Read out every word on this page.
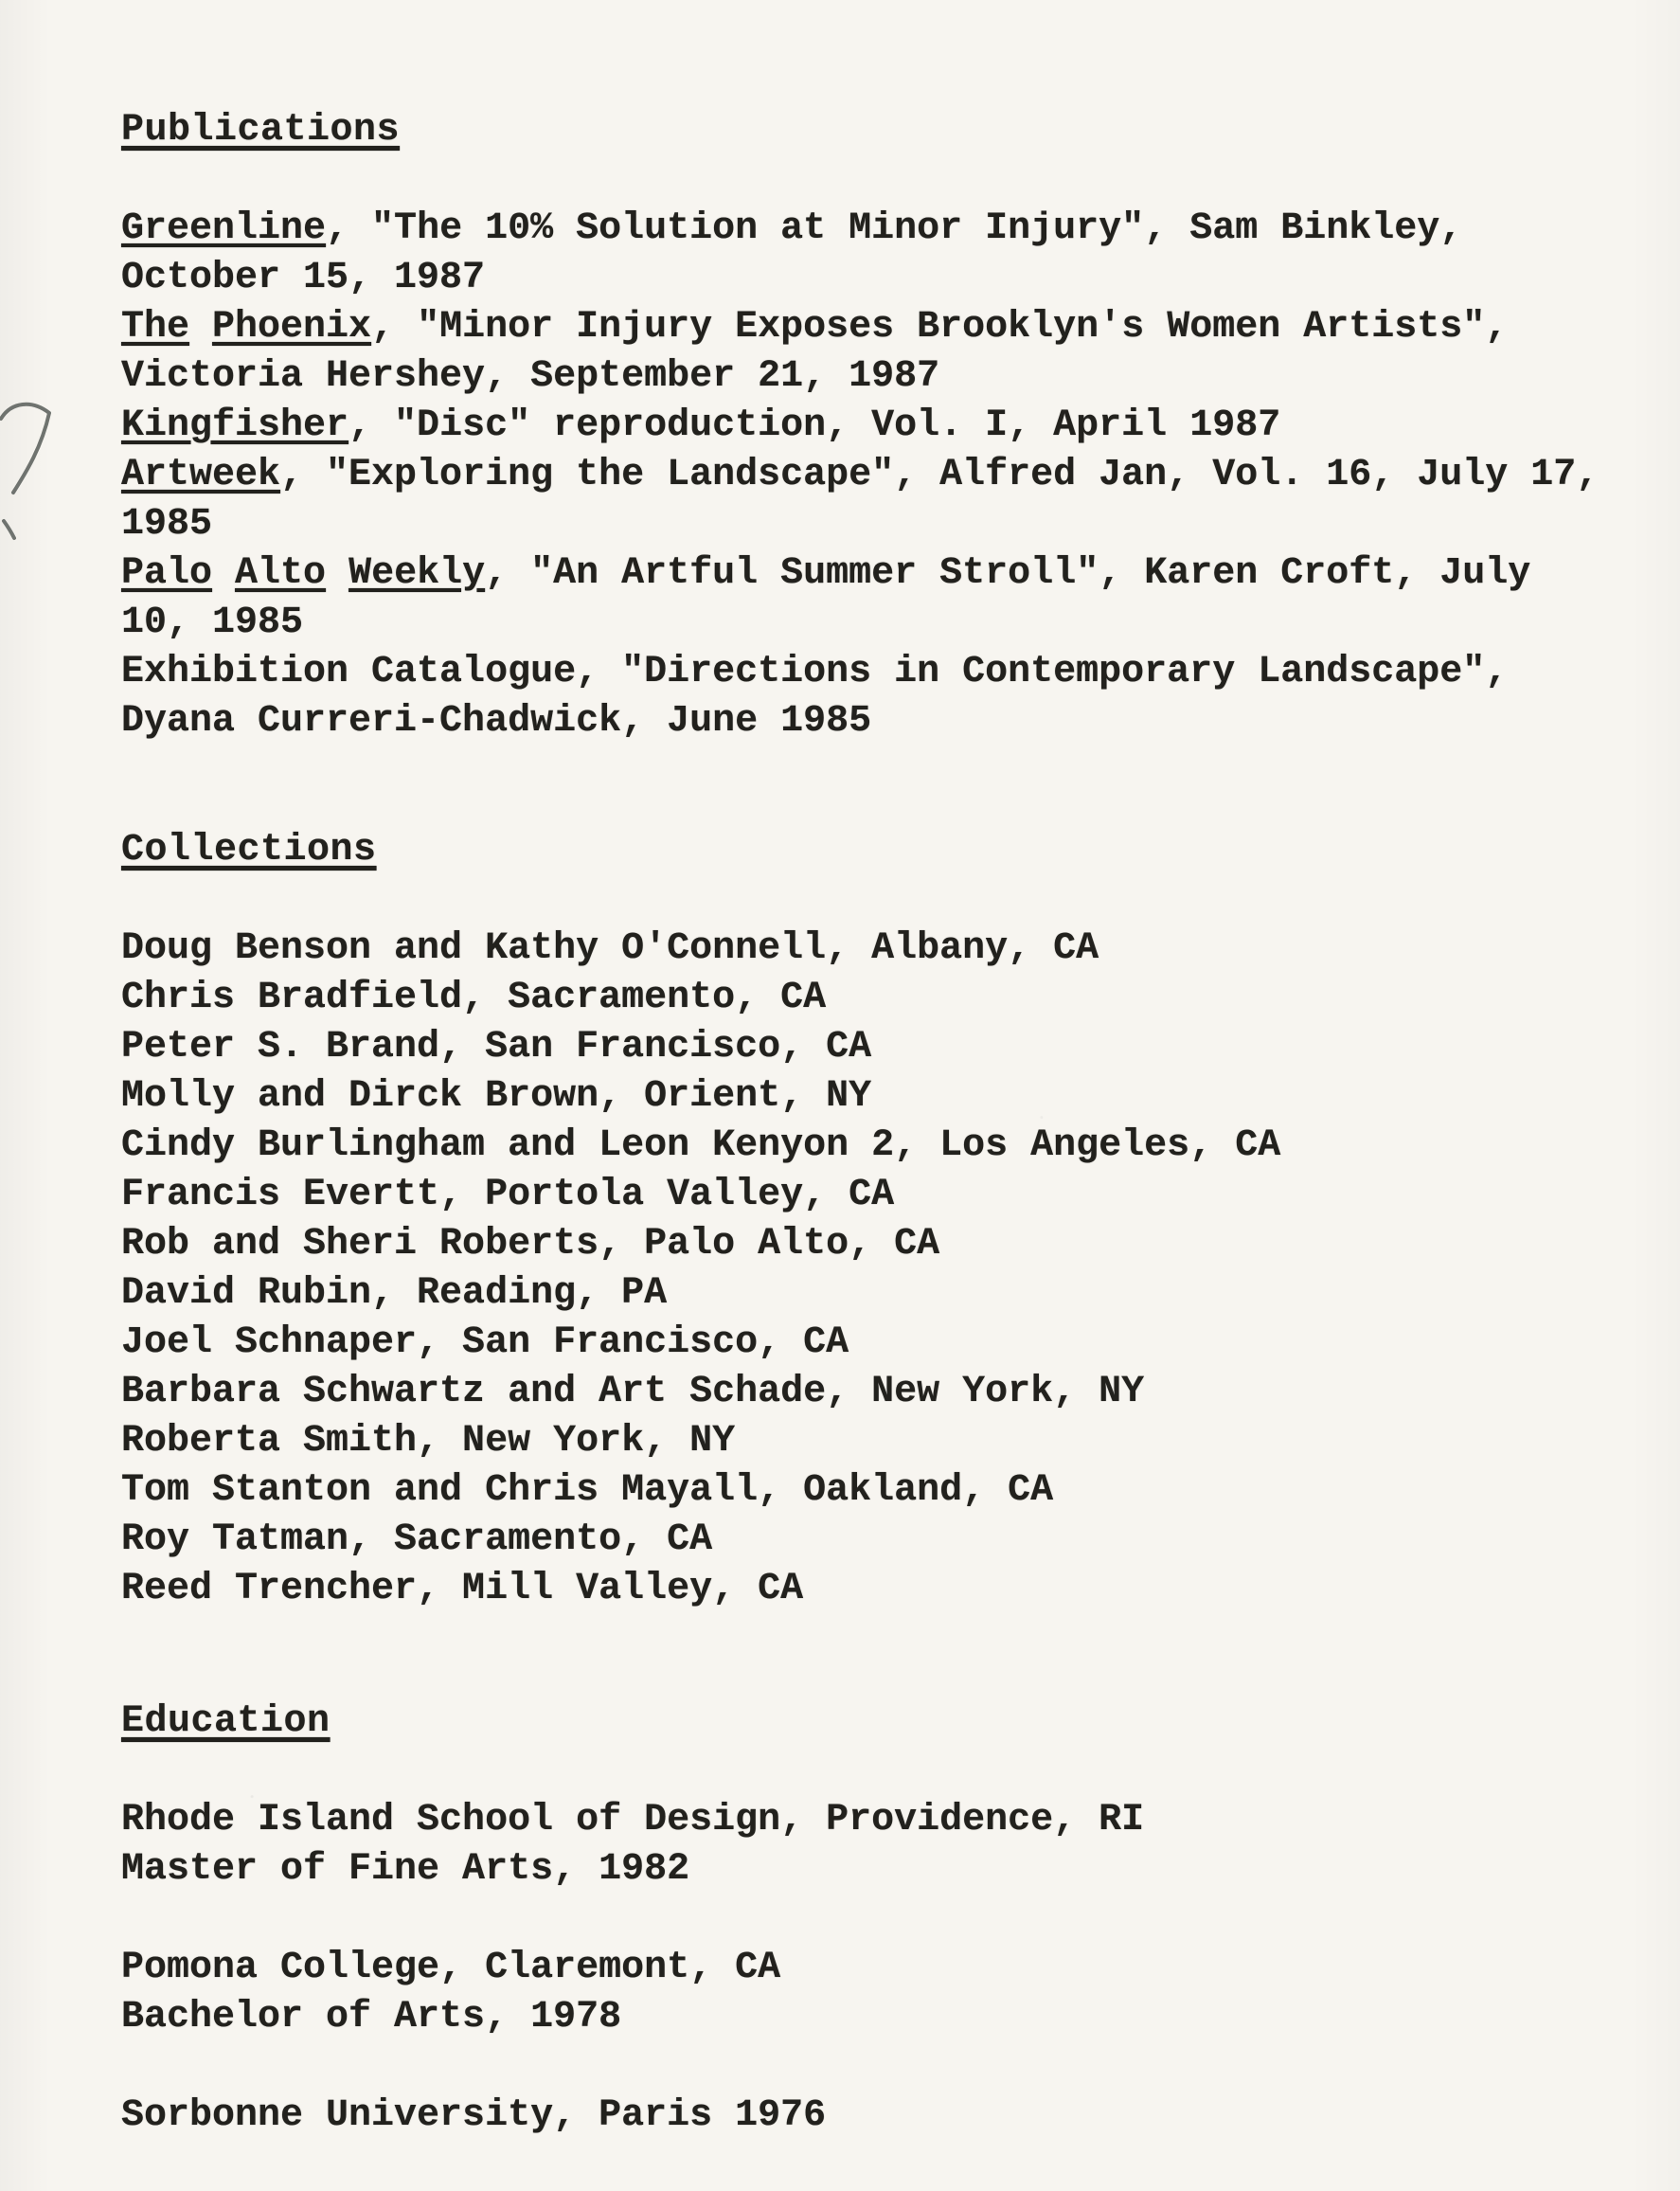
Publications
Greenline, "The 10% Solution at Minor Injury", Sam Binkley,
October 15, 1987
The Phoenix, "Minor Injury Exposes Brooklyn's Women Artists",
Victoria Hershey, September 21, 1987
Kingfisher, "Disc" reproduction, Vol. I, April 1987
Artweek, "Exploring the Landscape", Alfred Jan, Vol. 16, July 17,
1985
Palo Alto Weekly, "An Artful Summer Stroll", Karen Croft, July
10, 1985
Exhibition Catalogue, "Directions in Contemporary Landscape",
Dyana Curreri-Chadwick, June 1985
Collections
Doug Benson and Kathy O'Connell, Albany, CA
Chris Bradfield, Sacramento, CA
Peter S. Brand, San Francisco, CA
Molly and Dirck Brown, Orient, NY
Cindy Burlingham and Leon Kenyon 2, Los Angeles, CA
Francis Evertt, Portola Valley, CA
Rob and Sheri Roberts, Palo Alto, CA
David Rubin, Reading, PA
Joel Schnaper, San Francisco, CA
Barbara Schwartz and Art Schade, New York, NY
Roberta Smith, New York, NY
Tom Stanton and Chris Mayall, Oakland, CA
Roy Tatman, Sacramento, CA
Reed Trencher, Mill Valley, CA
Education
Rhode Island School of Design, Providence, RI
Master of Fine Arts, 1982
Pomona College, Claremont, CA
Bachelor of Arts, 1978
Sorbonne University, Paris 1976
